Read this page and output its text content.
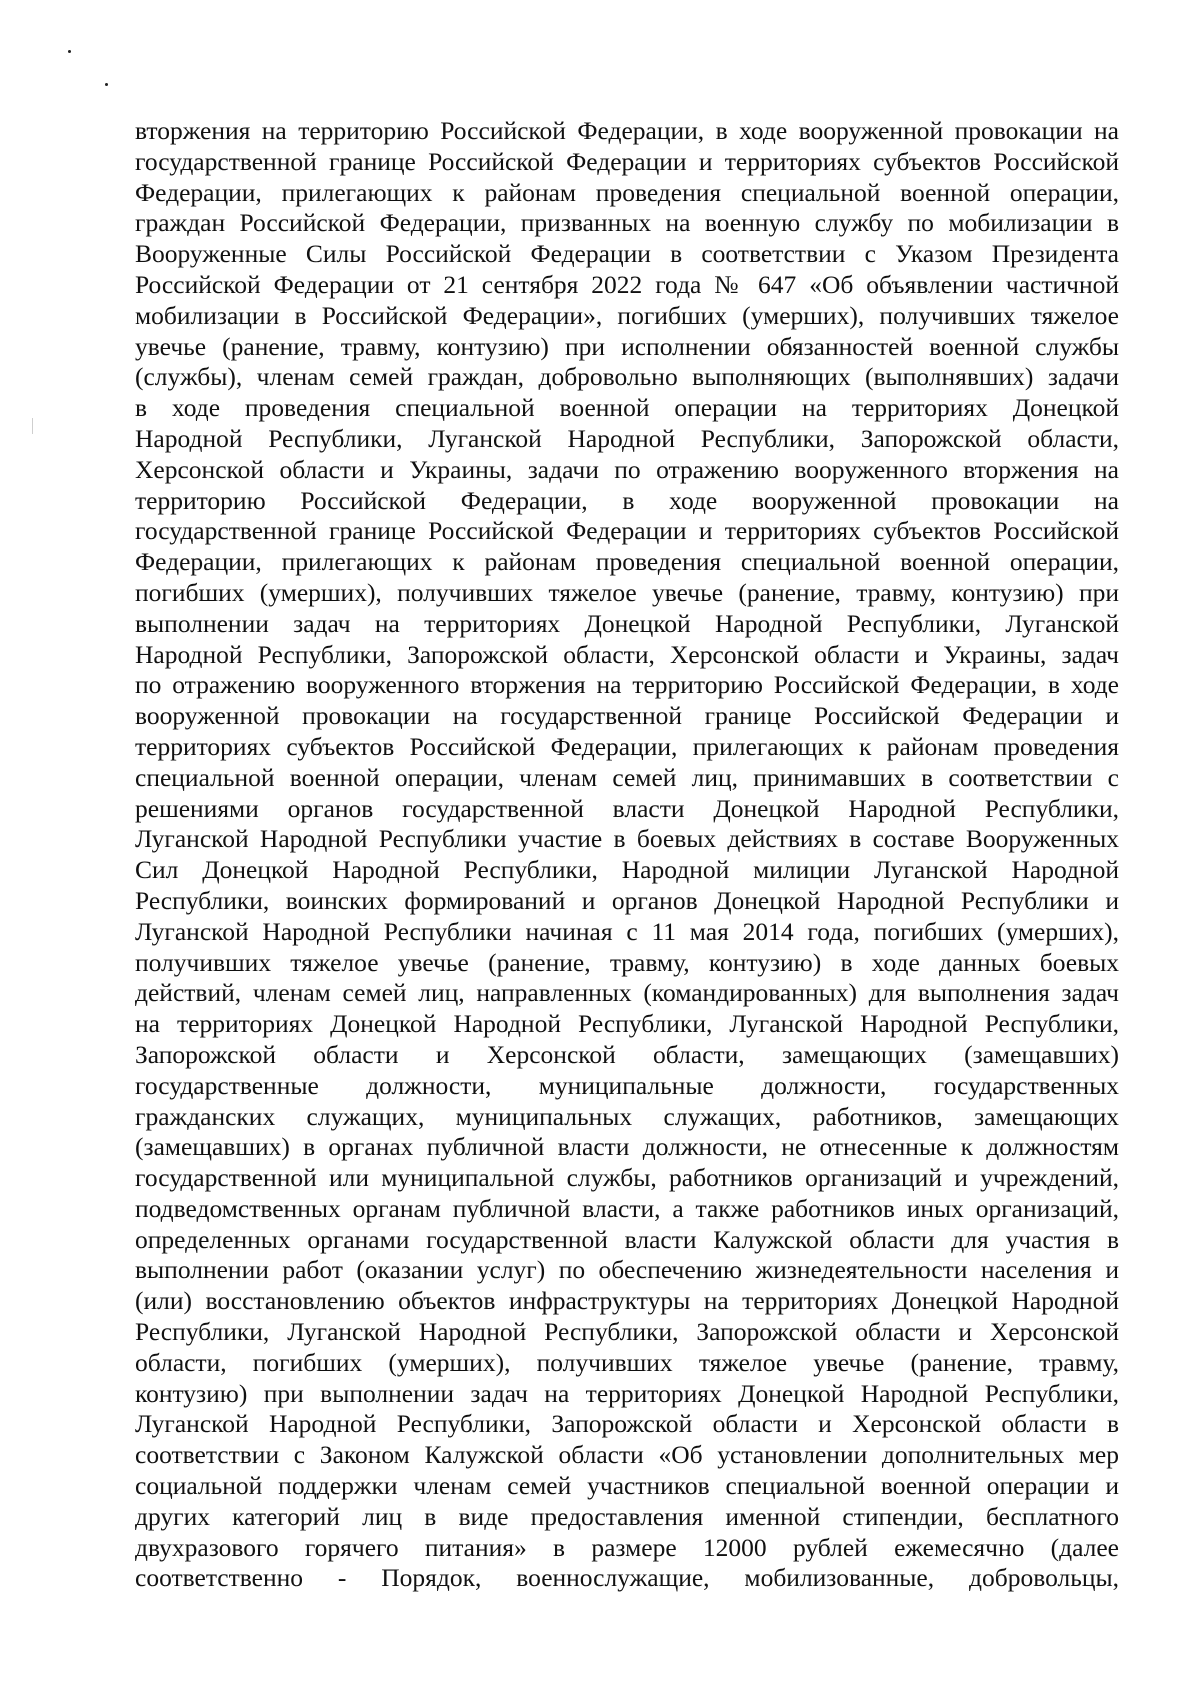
вторжения на территорию Российской Федерации, в ходе вооруженной провокации на
государственной границе Российской Федерации и территориях субъектов Российской
Федерации, прилегающих к районам проведения специальной военной операции,
граждан Российской Федерации, призванных на военную службу по мобилизации в
Вооруженные Силы Российской Федерации в соответствии с Указом Президента
Российской Федерации от 21 сентября 2022 года № 647 «Об объявлении частичной
мобилизации в Российской Федерации», погибших (умерших), получивших тяжелое
увечье (ранение, травму, контузию) при исполнении обязанностей военной службы
(службы), членам семей граждан, добровольно выполняющих (выполнявших) задачи
в ходе проведения специальной военной операции на территориях Донецкой
Народной Республики, Луганской Народной Республики, Запорожской области,
Херсонской области и Украины, задачи по отражению вооруженного вторжения на
территорию Российской Федерации, в ходе вооруженной провокации на
государственной границе Российской Федерации и территориях субъектов Российской
Федерации, прилегающих к районам проведения специальной военной операции,
погибших (умерших), получивших тяжелое увечье (ранение, травму, контузию) при
выполнении задач на территориях Донецкой Народной Республики, Луганской
Народной Республики, Запорожской области, Херсонской области и Украины, задач
по отражению вооруженного вторжения на территорию Российской Федерации, в ходе
вооруженной провокации на государственной границе Российской Федерации и
территориях субъектов Российской Федерации, прилегающих к районам проведения
специальной военной операции, членам семей лиц, принимавших в соответствии с
решениями органов государственной власти Донецкой Народной Республики,
Луганской Народной Республики участие в боевых действиях в составе Вооруженных
Сил Донецкой Народной Республики, Народной милиции Луганской Народной
Республики, воинских формирований и органов Донецкой Народной Республики и
Луганской Народной Республики начиная с 11 мая 2014 года, погибших (умерших),
получивших тяжелое увечье (ранение, травму, контузию) в ходе данных боевых
действий, членам семей лиц, направленных (командированных) для выполнения задач
на территориях Донецкой Народной Республики, Луганской Народной Республики,
Запорожской области и Херсонской области, замещающих (замещавших)
государственные должности, муниципальные должности, государственных
гражданских служащих, муниципальных служащих, работников, замещающих
(замещавших) в органах публичной власти должности, не отнесенные к должностям
государственной или муниципальной службы, работников организаций и учреждений,
подведомственных органам публичной власти, а также работников иных организаций,
определенных органами государственной власти Калужской области для участия в
выполнении работ (оказании услуг) по обеспечению жизнедеятельности населения и
(или) восстановлению объектов инфраструктуры на территориях Донецкой Народной
Республики, Луганской Народной Республики, Запорожской области и Херсонской
области, погибших (умерших), получивших тяжелое увечье (ранение, травму,
контузию) при выполнении задач на территориях Донецкой Народной Республики,
Луганской Народной Республики, Запорожской области и Херсонской области в
соответствии с Законом Калужской области «Об установлении дополнительных мер
социальной поддержки членам семей участников специальной военной операции и
других категорий лиц в виде предоставления именной стипендии, бесплатного
двухразового горячего питания» в размере 12000 рублей ежемесячно (далее
соответственно - Порядок, военнослужащие, мобилизованные, добровольцы,
